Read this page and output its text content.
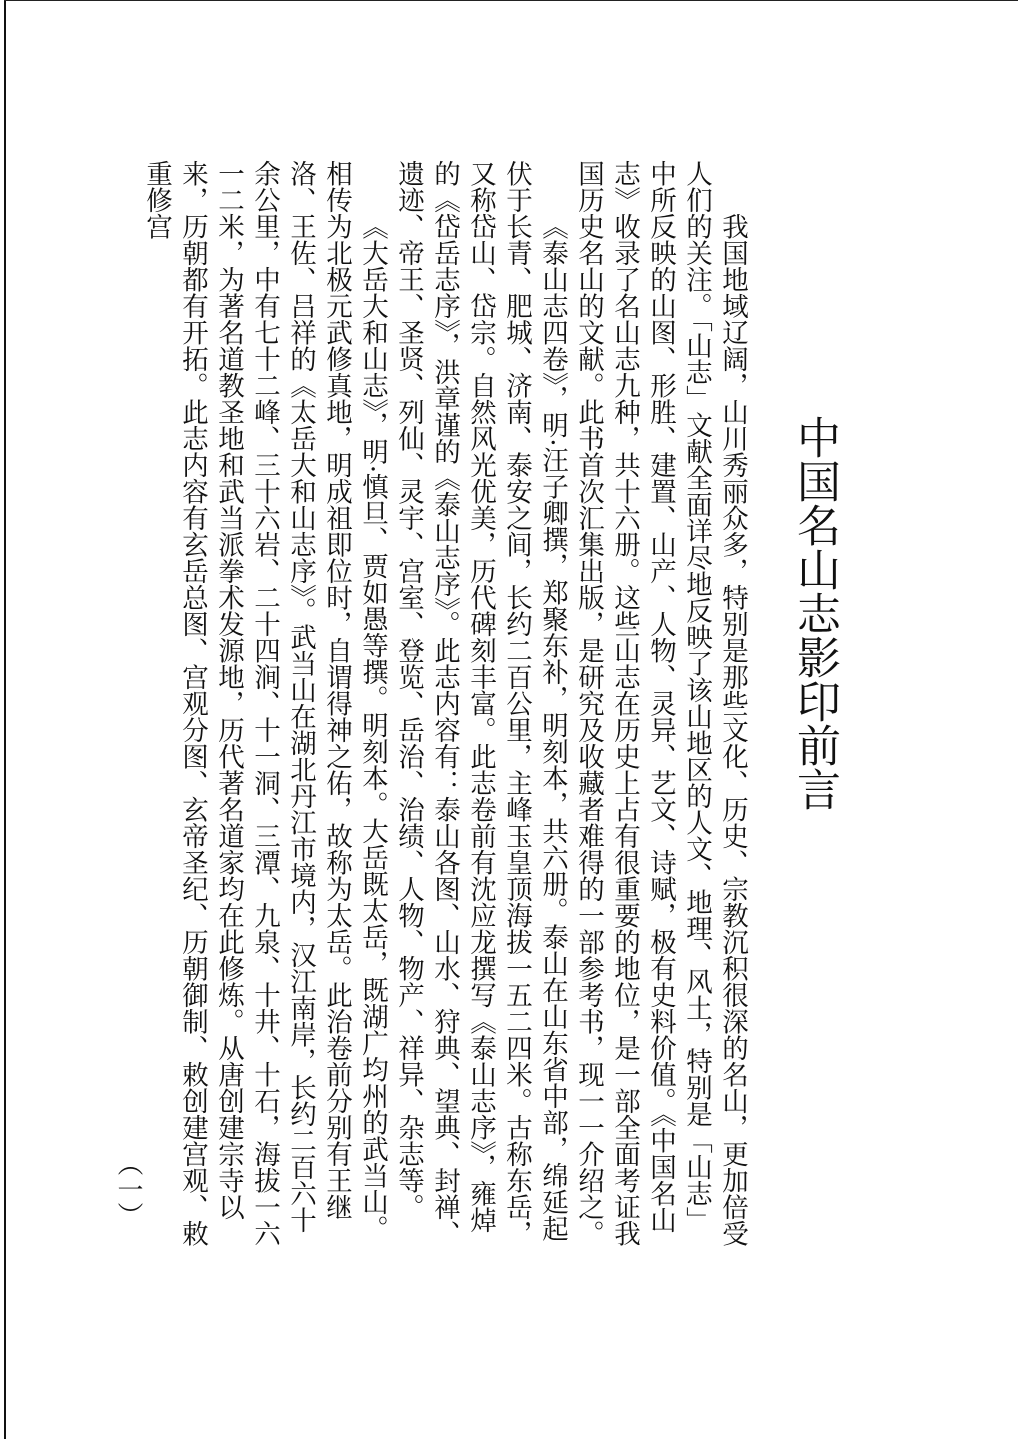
中国名山志影印前言

我国地域辽阔，山川秀丽众多，特别是那些文化、历史、宗教沉积很深的名山，更加倍受人们的关注。「山志」文献全面详尽地反映了该山地区的人文、地理、风土，特别是「山志」中所反映的山图、形胜、建置、山产、人物、灵异、艺文、诗赋，极有史料价值。《中国名山志》收录了名山志九种，共十六册。这些山志在历史上占有很重要的地位，是一部全面考证我国历史名山的文献。此书首次汇集出版，是研究及收藏者难得的一部参考书，现一一介绍之。

《泰山志四卷》，明·汪子卿撰，郑聚东补，明刻本，共六册。泰山在山东省中部，绵延起伏于长青、肥城、济南、泰安之间，长约二百公里，主峰玉皇顶海拔一五二四米。古称东岳，又称岱山、岱宗。自然风光优美，历代碑刻丰富。此志卷前有沈应龙撰写《泰山志序》，雍焯的《岱岳志序》，洪章谨的《泰山志序》。此志内容有：泰山各图、山水、狩典、望典、封禅、遗迹、帝王、圣贤、列仙、灵宇、宫室、登览、岳治、治绩、人物、物产、祥异、杂志等。

《大岳大和山志》，明·慎旦、贾如愚等撰。明刻本。大岳既太岳，既湖广均州的武当山。相传为北极元武修真地，明成祖即位时，自谓得神之佑，故称为太岳。此治卷前分别有王继洛、王佐、吕祥的《太岳大和山志序》。武当山在湖北丹江市境内，汉江南岸，长约二百六十余公里，中有七十二峰、三十六岩、二十四涧、十一洞、三潭、九泉、十井、十石，海拔一六一二米，为著名道教圣地和武当派拳术发源地，历代著名道家均在此修炼。从唐创建宗寺以来，历朝都有开拓。此志内容有玄岳总图、宫观分图、玄帝圣纪、历朝御制、敕创建宫观、敕重修宫

（一）
